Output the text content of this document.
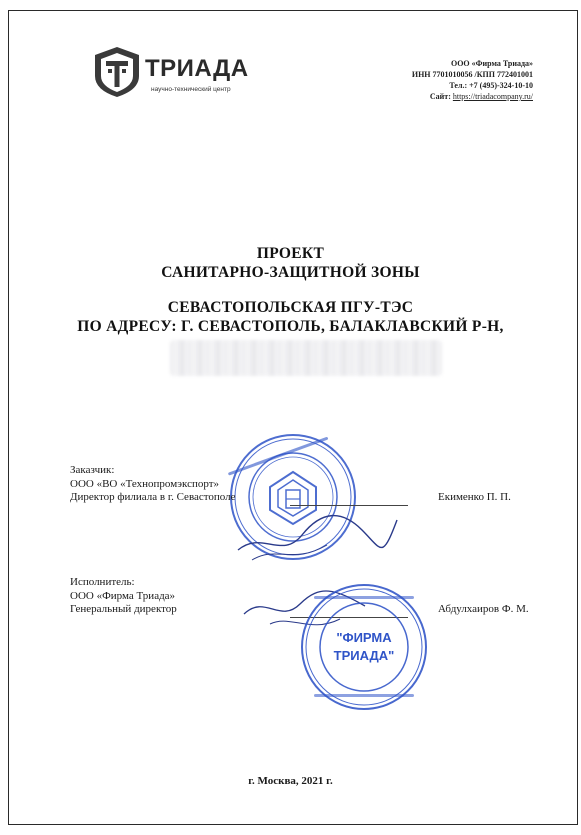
ТРИАДА
научно-технический центр
ООО «Фирма Триада»
ИНН 7701010056 /КПП 772401001
Тел.: +7 (495)-324-10-10
Сайт: https://triadacompany.ru/
ПРОЕКТ
САНИТАРНО-ЗАЩИТНОЙ ЗОНЫ
СЕВАСТОПОЛЬСКАЯ ПГУ-ТЭС
ПО АДРЕСУ: Г. СЕВАСТОПОЛЬ, БАЛАКЛАВСКИЙ Р-Н,
Заказчик:
ООО «ВО «Технопромэкспорт»
Директор филиала в г. Севастополе	Екименко П. П.
Исполнитель:
ООО «Фирма Триада»
Генеральный директор	Абдулхаиров Ф. М.
"ФИРМА
ТРИАДА"
г. Москва, 2021 г.
